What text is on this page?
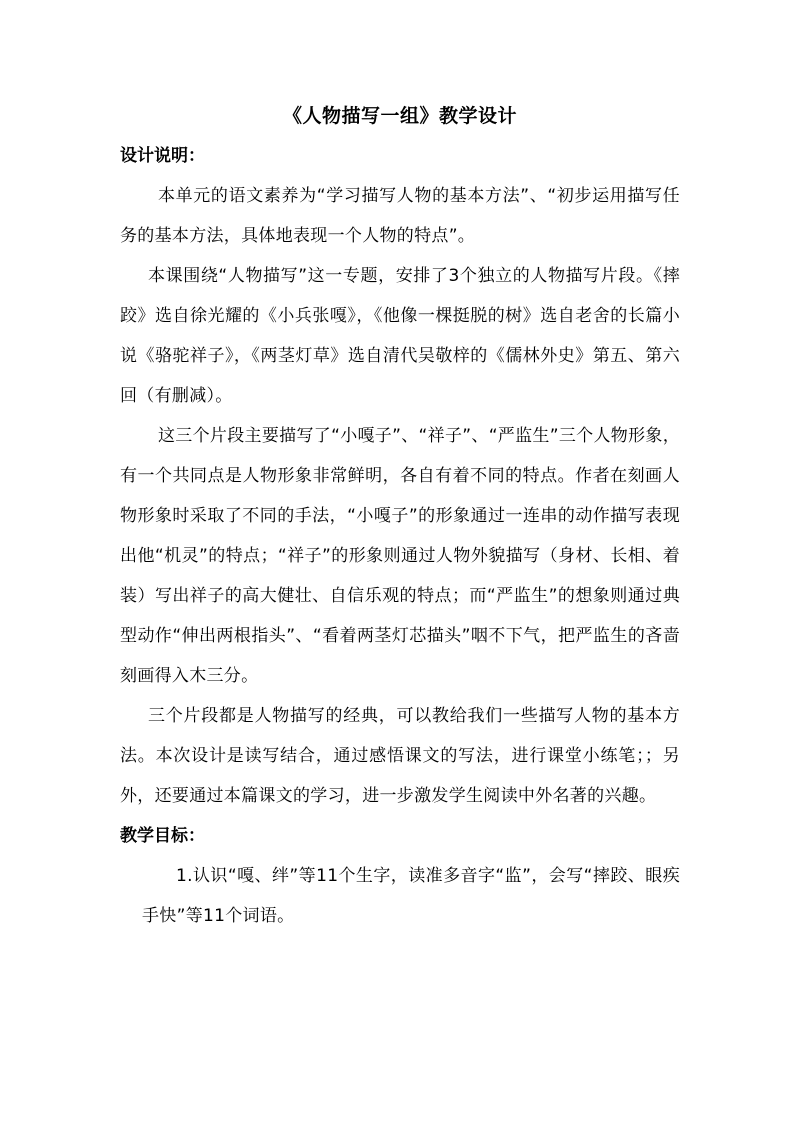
《人物描写一组》教学设计
设计说明：

本单元的语文素养为“学习描写人物的基本方法”、“初步运用描写任务的基本方法，具体地表现一个人物的特点”。

本课围绕“人物描写”这一专题，安排了3个独立的人物描写片段。《摔跤》选自徐光耀的《小兵张嘎》，《他像一棵挺脱的树》选自老舍的长篇小说《骆驼祥子》，《两茎灯草》选自清代吴敬梓的《儒林外史》第五、第六回（有删减）。

这三个片段主要描写了“小嘎子”、“祥子”、“严监生”三个人物形象，有一个共同点是人物形象非常鲜明，各自有着不同的特点。作者在刻画人物形象时采取了不同的手法，“小嘎子”的形象通过一连串的动作描写表现出他“机灵”的特点；“祥子”的形象则通过人物外貌描写（身材、长相、着装）写出祥子的高大健壮、自信乐观的特点；而“严监生”的想象则通过典型动作“伸出两根指头”、“看着两茎灯芯描头”咽不下气，把严监生的吝啬刻画得入木三分。

三个片段都是人物描写的经典，可以教给我们一些描写人物的基本方法。本次设计是读写结合，通过感悟课文的写法，进行课堂小练笔；；另外，还要通过本篇课文的学习，进一步激发学生阅读中外名著的兴趣。

教学目标：

1.认识“嘎、绊”等11个生字，读准多音字“监”，会写“摔跤、眼疾手快”等11个词语。
